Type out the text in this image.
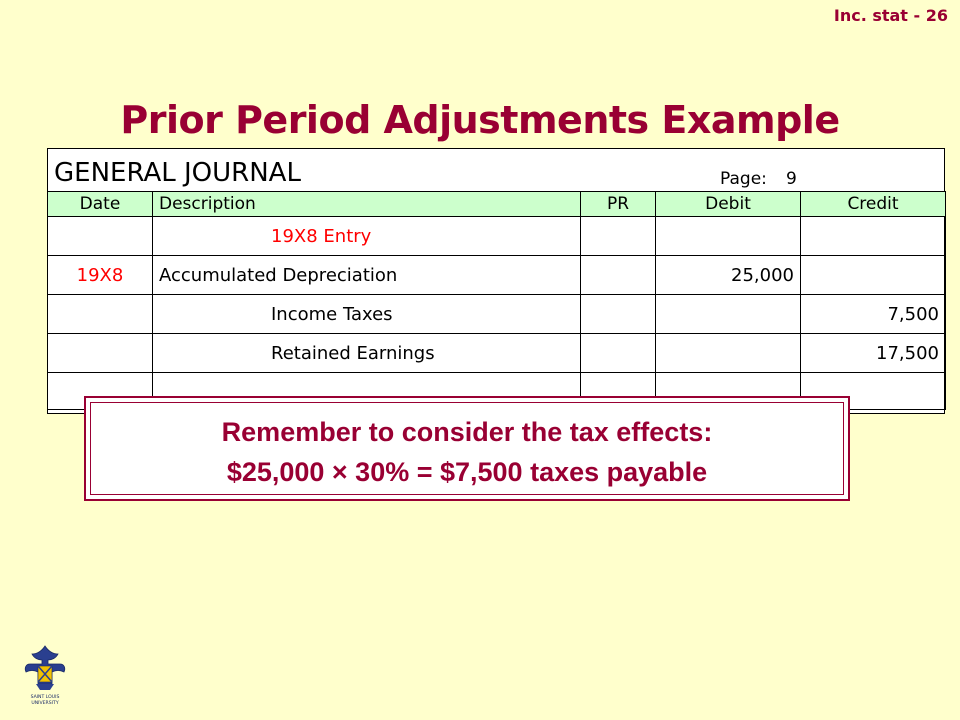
Inc. stat - 26
Prior Period Adjustments Example
GENERAL JOURNAL	Page: 9
Date	Description	PR	Debit	Credit
	19X8 Entry			
19X8	Accumulated Depreciation		25,000	
	Income Taxes			7,500
	Retained Earnings			17,500

Remember to consider the tax effects:
$25,000 × 30% = $7,500 taxes payable
SAINT LOUIS
UNIVERSITY
